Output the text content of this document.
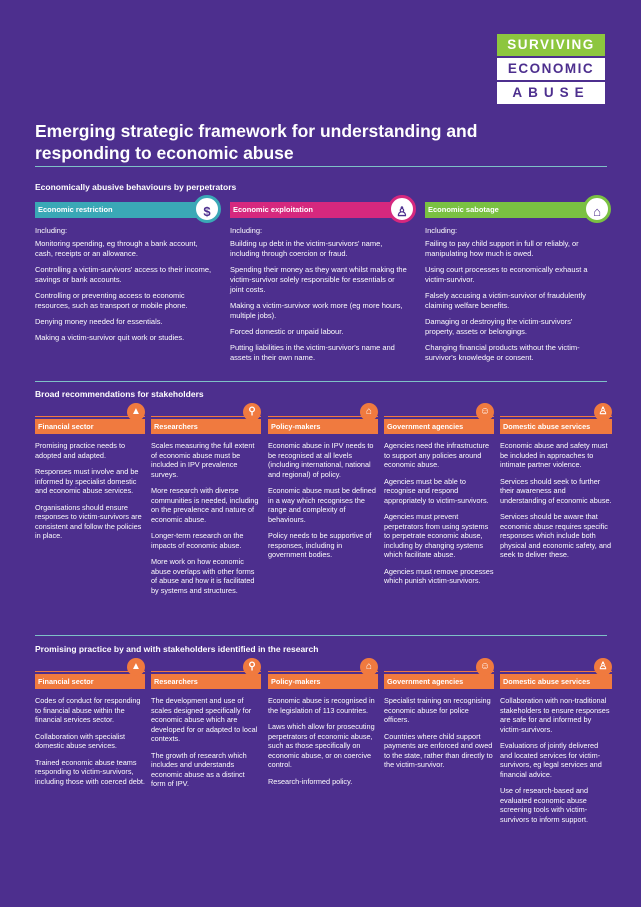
SURVIVING
ECONOMIC
ABUSE
Emerging strategic framework for understanding and responding to economic abuse
Economically abusive behaviours by perpetrators
Economic restriction	$
Including:
Monitoring spending, eg through a bank account, cash, receipts or an allowance.
Controlling a victim-survivors' access to their income, savings or bank accounts.
Controlling or preventing access to economic resources, such as transport or mobile phone.
Denying money needed for essentials.
Making a victim-survivor quit work or studies.
Economic exploitation	♙
Including:
Building up debt in the victim-survivors' name, including through coercion or fraud.
Spending their money as they want whilst making the victim-survivor solely responsible for essentials or joint costs.
Making a victim-survivor work more (eg more hours, multiple jobs).
Forced domestic or unpaid labour.
Putting liabilities in the victim-survivor's name and assets in their own name.
Economic sabotage	⌂
Including:
Failing to pay child support in full or reliably, or manipulating how much is owed.
Using court processes to economically exhaust a victim-survivor.
Falsely accusing a victim-survivor of fraudulently claiming welfare benefits.
Damaging or destroying the victim-survivors' property, assets or belongings.
Changing financial products without the victim-survivor's knowledge or consent.
Broad recommendations for stakeholders
Financial sector
▲
Promising practice needs to adopted and adapted.
Responses must involve and be informed by specialist domestic and economic abuse services.
Organisations should ensure responses to victim-survivors are consistent and follow the policies in place.
Researchers
⚲
Scales measuring the full extent of economic abuse must be included in IPV prevalence surveys.
More research with diverse communities is needed, including on the prevalence and nature of economic abuse.
Longer-term research on the impacts of economic abuse.
More work on how economic abuse overlaps with other forms of abuse and how it is facilitated by systems and structures.
Policy-makers
⌂
Economic abuse in IPV needs to be recognised at all levels (including international, national and regional) of policy.
Economic abuse must be defined in a way which recognises the range and complexity of behaviours.
Policy needs to be supportive of responses, including in government bodies.
Government agencies
☺
Agencies need the infrastructure to support any policies around economic abuse.
Agencies must be able to recognise and respond appropriately to victim-survivors.
Agencies must prevent perpetrators from using systems to perpetrate economic abuse, including by changing systems which facilitate abuse.
Agencies must remove processes which punish victim-survivors.
Domestic abuse services
♙
Economic abuse and safety must be included in approaches to intimate partner violence.
Services should seek to further their awareness and understanding of economic abuse.
Services should be aware that economic abuse requires specific responses which include both physical and economic safety, and seek to deliver these.
Promising practice by and with stakeholders identified in the research
Financial sector
▲
Codes of conduct for responding to financial abuse within the financial services sector.
Collaboration with specialist domestic abuse services.
Trained economic abuse teams responding to victim-survivors, including those with coerced debt.
Researchers
⚲
The development and use of scales designed specifically for economic abuse which are developed for or adapted to local contexts.
The growth of research which includes and understands economic abuse as a distinct form of IPV.
Policy-makers
⌂
Economic abuse is recognised in the legislation of 113 countries.
Laws which allow for prosecuting perpetrators of economic abuse, such as those specifically on economic abuse, or on coercive control.
Research-informed policy.
Government agencies
☺
Specialist training on recognising economic abuse for police officers.
Countries where child support payments are enforced and owed to the state, rather than directly to the victim-survivor.
Domestic abuse services
♙
Collaboration with non-traditional stakeholders to ensure responses are safe for and informed by victim-survivors.
Evaluations of jointly delivered and located services for victim-survivors, eg legal services and financial advice.
Use of research-based and evaluated economic abuse screening tools with victim-survivors to inform support.
